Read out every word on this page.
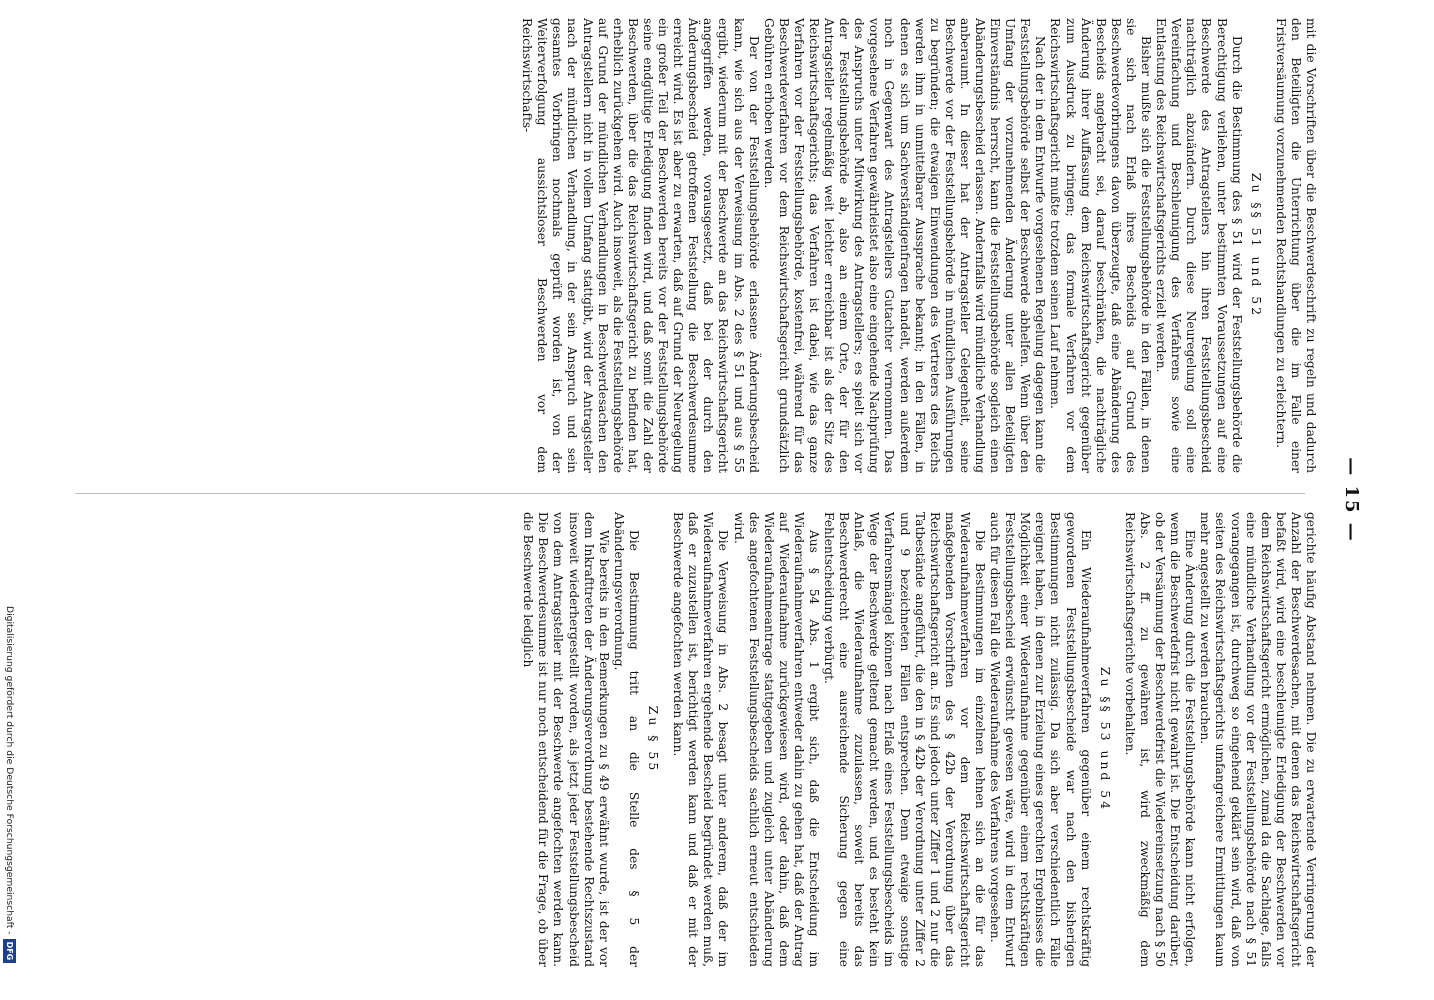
— 15 —

mit die Vorschriften über die Beschwerdeschrift zu regeln und dadurch den Beteiligten die Unterrichtung über die im Falle einer Fristversäumung vorzunehmenden Rechtshandlungen zu erleichtern.

Zu §§ 51 und 52

Durch die Bestimmung des § 51 wird der Feststellungsbehörde die Berechtigung verliehen, unter bestimmten Voraussetzungen auf eine Beschwerde des Antragstellers hin ihren Feststellungsbescheid nachträglich abzuändern. Durch diese Neuregelung soll eine Vereinfachung und Beschleunigung des Verfahrens sowie eine Entlastung des Reichswirtschaftsgerichts erzielt werden.

Bisher mußte sich die Feststellungsbehörde in den Fällen, in denen sie sich nach Erlaß ihres Bescheids auf Grund des Beschwerdevorbringens davon überzeugte, daß eine Abänderung des Bescheids angebracht sei, darauf beschränken, die nachträgliche Änderung ihrer Auffassung dem Reichswirtschaftsgericht gegenüber zum Ausdruck zu bringen; das formale Verfahren vor dem Reichswirtschaftsgericht mußte trotzdem seinen Lauf nehmen.

Nach der in dem Entwurfe vorgesehenen Regelung dagegen kann die Feststellungsbehörde selbst der Beschwerde abhelfen. Wenn über den Umfang der vorzunehmenden Änderung unter allen Beteiligten Einverständnis herrscht, kann die Feststellungsbehörde sogleich einen Abänderungsbescheid erlassen. Andernfalls wird mündliche Verhandlung anberaumt. In dieser hat der Antragsteller Gelegenheit, seine Beschwerde vor der Feststellungsbehörde in mündlichen Ausführungen zu begründen; die etwaigen Einwendungen des Vertreters des Reichs werden ihm in unmittelbarer Aussprache bekannt; in den Fällen, in denen es sich um Sachverständigenfragen handelt, werden außerdem noch in Gegenwart des Antragstellers Gutachter vernommen. Das vorgesehene Verfahren gewährleistet also eine eingehende Nachprüfung des Anspruchs unter Mitwirkung des Antragstellers; es spielt sich vor der Feststellungsbehörde ab, also an einem Orte, der für den Antragsteller regelmäßig weit leichter erreichbar ist als der Sitz des Reichswirtschaftsgerichts; das Verfahren ist dabei, wie das ganze Verfahren vor der Feststellungsbehörde, kostenfrei, während für das Beschwerdeverfahren vor dem Reichswirtschaftsgericht grundsätzlich Gebühren erhoben werden.

Der von der Feststellungsbehörde erlassene Änderungsbescheid kann, wie sich aus der Verweisung im Abs. 2 des § 51 und aus § 55 ergibt, wiederum mit der Beschwerde an das Reichswirtschaftsgericht angegriffen werden, vorausgesetzt, daß bei der durch den Änderungsbescheid getroffenen Feststellung die Beschwerdesumme erreicht wird. Es ist aber zu erwarten, daß auf Grund der Neuregelung ein großer Teil der Beschwerden bereits vor der Feststellungsbehörde seine endgültige Erledigung finden wird, und daß somit die Zahl der Beschwerden, über die das Reichswirtschaftsgericht zu befinden hat, erheblich zurückgehen wird. Auch insoweit, als die Feststellungsbehörde auf Grund der mündlichen Verhandlungen in Beschwerdesachen den Antragstellern nicht in vollem Umfang stattgibt, wird der Antragsteller nach der mündlichen Verhandlung, in der sein Anspruch und sein gesamtes Vorbringen nochmals geprüft worden ist, von der Weiterverfolgung aussichtsloser Beschwerden vor dem Reichswirtschafts-

gerichte häufig Abstand nehmen. Die zu erwartende Verringerung der Anzahl der Beschwerdesachen, mit denen das Reichswirtschaftsgericht befaßt wird, wird eine beschleunigte Erledigung der Beschwerden vor dem Reichswirtschaftsgericht ermöglichen, zumal da die Sachlage, falls eine mündliche Verhandlung vor der Feststellungsbehörde nach § 51 vorangegangen ist, durchweg so eingehend geklärt sein wird, daß von seiten des Reichswirtschaftsgerichts umfangreichere Ermittlungen kaum mehr angestellt zu werden brauchen.

Eine Änderung durch die Feststellungsbehörde kann nicht erfolgen, wenn die Beschwerdefrist nicht gewahrt ist. Die Entscheidung darüber, ob der Versäumung der Beschwerdefrist die Wiedereinsetzung nach § 50 Abs. 2 ff. zu gewähren ist, wird zweckmäßig dem Reichswirtschaftsgerichte vorbehalten.

Zu §§ 53 und 54

Ein Wiederaufnahmeverfahren gegenüber einem rechtskräftig gewordenen Feststellungsbescheide war nach den bisherigen Bestimmungen nicht zulässig. Da sich aber verschiedentlich Fälle ereignet haben, in denen zur Erzielung eines gerechten Ergebnisses die Möglichkeit einer Wiederaufnahme gegenüber einem rechtskräftigen Feststellungsbescheid erwünscht gewesen wäre, wird in dem Entwurf auch für diesen Fall die Wiederaufnahme des Verfahrens vorgesehen.

Die Bestimmungen im einzelnen lehnen sich an die für das Wiederaufnahmeverfahren vor dem Reichswirtschaftsgericht maßgebenden Vorschriften des § 42b der Verordnung über das Reichswirtschaftsgericht an. Es sind jedoch unter Ziffer 1 und 2 nur die Tatbestände angeführt, die den in § 42b der Verordnung unter Ziffer 2 und 9 bezeichneten Fällen entsprechen. Denn etwaige sonstige Verfahrensmängel können nach Erlaß eines Feststellungsbescheids im Wege der Beschwerde geltend gemacht werden, und es besteht kein Anlaß, die Wiederaufnahme zuzulassen, soweit bereits das Beschwerderecht eine ausreichende Sicherung gegen eine Fehlentscheidung verbürgt.

Aus § 54 Abs. 1 ergibt sich, daß die Entscheidung im Wiederaufnahmeverfahren entweder dahin zu gehen hat, daß der Antrag auf Wiederaufnahme zurückgewiesen wird, oder dahin, daß dem Wiederaufnahmeantrage stattgegeben und zugleich unter Abänderung des angefochtenen Feststellungsbescheids sachlich erneut entschieden wird.

Die Verweisung in Abs. 2 besagt unter anderem, daß der im Wiederaufnahmeverfahren ergehende Bescheid begründet werden muß, daß er zuzustellen ist, berichtigt werden kann und daß er mit der Beschwerde angefochten werden kann.

Zu § 55

Die Bestimmung tritt an die Stelle des § 5 der Abänderungsverordnung.

Wie bereits in den Bemerkungen zu § 49 erwähnt wurde, ist der vor dem Inkrafttreten der Änderungsverordnung bestehende Rechtszustand insoweit wiederhergestellt worden, als jetzt jeder Feststellungsbescheid von dem Antragsteller mit der Beschwerde angefochten werden kann. Die Beschwerdesumme ist nur noch entscheidend für die Frage, ob über die Beschwerde lediglich

Digitalisierung gefördert durch die Deutsche Forschungsgemeinschaft -
DFG
